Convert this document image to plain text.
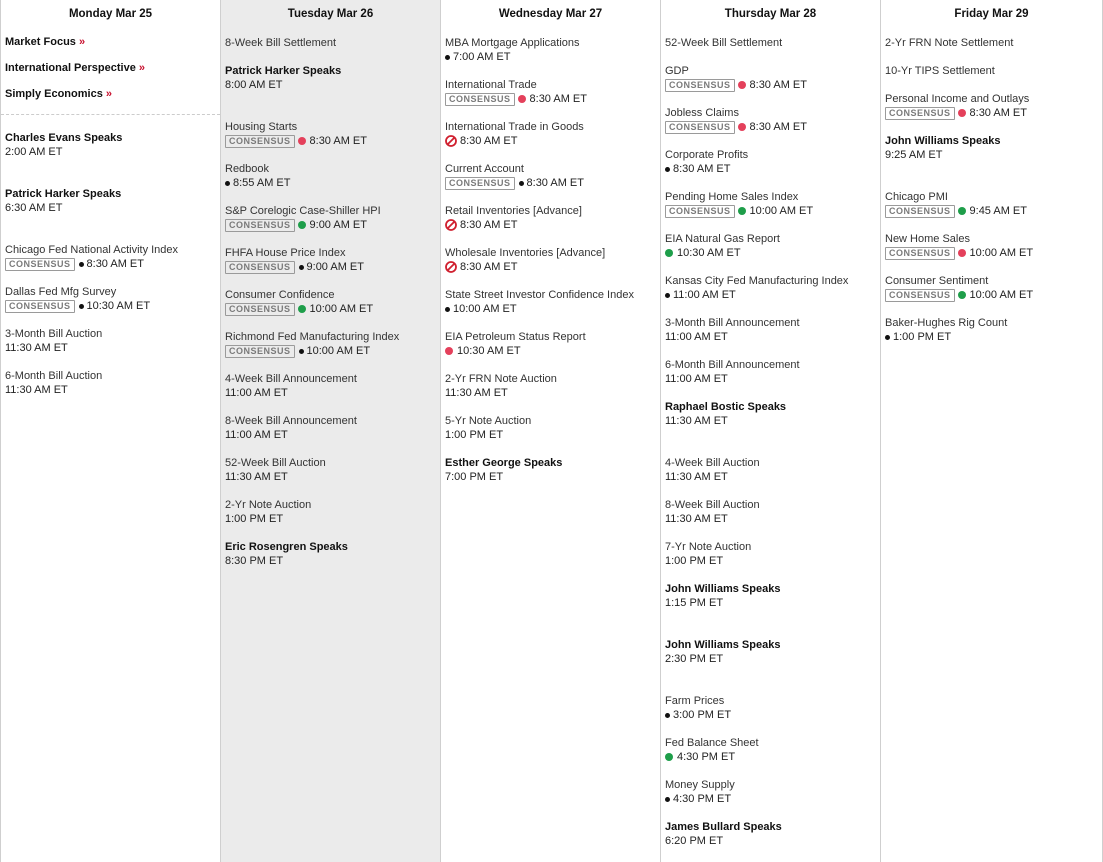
Monday Mar 25
Market Focus »
International Perspective »
Simply Economics »
Charles Evans Speaks
2:00 AM ET
Patrick Harker Speaks
6:30 AM ET
Chicago Fed National Activity Index
CONSENSUS	8:30 AM ET
Dallas Fed Mfg Survey
CONSENSUS	10:30 AM ET
3-Month Bill Auction
11:30 AM ET
6-Month Bill Auction
11:30 AM ET
Tuesday Mar 26
8-Week Bill Settlement
Patrick Harker Speaks
8:00 AM ET
Housing Starts
CONSENSUS	8:30 AM ET
Redbook
8:55 AM ET
S&P Corelogic Case-Shiller HPI
CONSENSUS	9:00 AM ET
FHFA House Price Index
CONSENSUS	9:00 AM ET
Consumer Confidence
CONSENSUS	10:00 AM ET
Richmond Fed Manufacturing Index
CONSENSUS	10:00 AM ET
4-Week Bill Announcement
11:00 AM ET
8-Week Bill Announcement
11:00 AM ET
52-Week Bill Auction
11:30 AM ET
2-Yr Note Auction
1:00 PM ET
Eric Rosengren Speaks
8:30 PM ET
Wednesday Mar 27
MBA Mortgage Applications
7:00 AM ET
International Trade
CONSENSUS	8:30 AM ET
International Trade in Goods
8:30 AM ET
Current Account
CONSENSUS	8:30 AM ET
Retail Inventories [Advance]
8:30 AM ET
Wholesale Inventories [Advance]
8:30 AM ET
State Street Investor Confidence Index
10:00 AM ET
EIA Petroleum Status Report
10:30 AM ET
2-Yr FRN Note Auction
11:30 AM ET
5-Yr Note Auction
1:00 PM ET
Esther George Speaks
7:00 PM ET
Thursday Mar 28
52-Week Bill Settlement
GDP
CONSENSUS	8:30 AM ET
Jobless Claims
CONSENSUS	8:30 AM ET
Corporate Profits
8:30 AM ET
Pending Home Sales Index
CONSENSUS	10:00 AM ET
EIA Natural Gas Report
10:30 AM ET
Kansas City Fed Manufacturing Index
11:00 AM ET
3-Month Bill Announcement
11:00 AM ET
6-Month Bill Announcement
11:00 AM ET
Raphael Bostic Speaks
11:30 AM ET
4-Week Bill Auction
11:30 AM ET
8-Week Bill Auction
11:30 AM ET
7-Yr Note Auction
1:00 PM ET
John Williams Speaks
1:15 PM ET
John Williams Speaks
2:30 PM ET
Farm Prices
3:00 PM ET
Fed Balance Sheet
4:30 PM ET
Money Supply
4:30 PM ET
James Bullard Speaks
6:20 PM ET
Friday Mar 29
2-Yr FRN Note Settlement
10-Yr TIPS Settlement
Personal Income and Outlays
CONSENSUS	8:30 AM ET
John Williams Speaks
9:25 AM ET
Chicago PMI
CONSENSUS	9:45 AM ET
New Home Sales
CONSENSUS	10:00 AM ET
Consumer Sentiment
CONSENSUS	10:00 AM ET
Baker-Hughes Rig Count
1:00 PM ET
